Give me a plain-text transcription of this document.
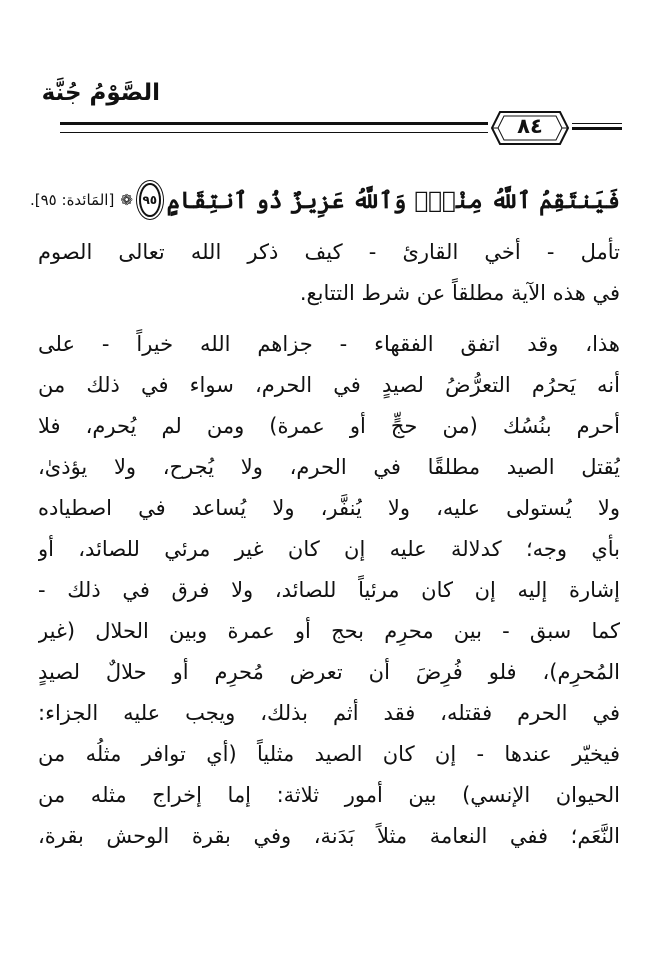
الصَّوْمُ جُنَّة
٨٤
فَيَنتَقِمُ ٱللَّهُ مِنْهُۚ وَٱللَّهُ عَزِيزٌ ذُو ٱنتِقَامٍ
٩٥
❁
[المَائدة: ٩٥].
تأمل - أخي القارئ - كيف ذكر الله تعالى الصوم
في هذه الآية مطلقاً عن شرط التتابع.
هذا، وقد اتفق الفقهاء - جزاهم الله خيراً - على
أنه يَحرُم التعرُّضُ لصيدٍ في الحرم، سواء في ذلك من
أحرم بنُسُك (من حجٍّ أو عمرة) ومن لم يُحرم، فلا
يُقتل الصيد مطلقًا في الحرم، ولا يُجرح، ولا يؤذىٰ،
ولا يُستولى عليه، ولا يُنفَّر، ولا يُساعد في اصطياده
بأي وجه؛ كدلالة عليه إن كان غير مرئي للصائد، أو
إشارة إليه إن كان مرئياً للصائد، ولا فرق في ذلك -
كما سبق - بين محرِم بحج أو عمرة وبين الحلال (غير
المُحرِم)، فلو فُرِضَ أن تعرض مُحرِم أو حلالٌ لصيدٍ
في الحرم فقتله، فقد أثم بذلك، ويجب عليه الجزاء:
فيخيّر عندها - إن كان الصيد مثلياً (أي توافر مثلُه من
الحيوان الإنسي) بين أمور ثلاثة: إما إخراج مثله من
النَّعَم؛ ففي النعامة مثلاً بَدَنة، وفي بقرة الوحش بقرة،
